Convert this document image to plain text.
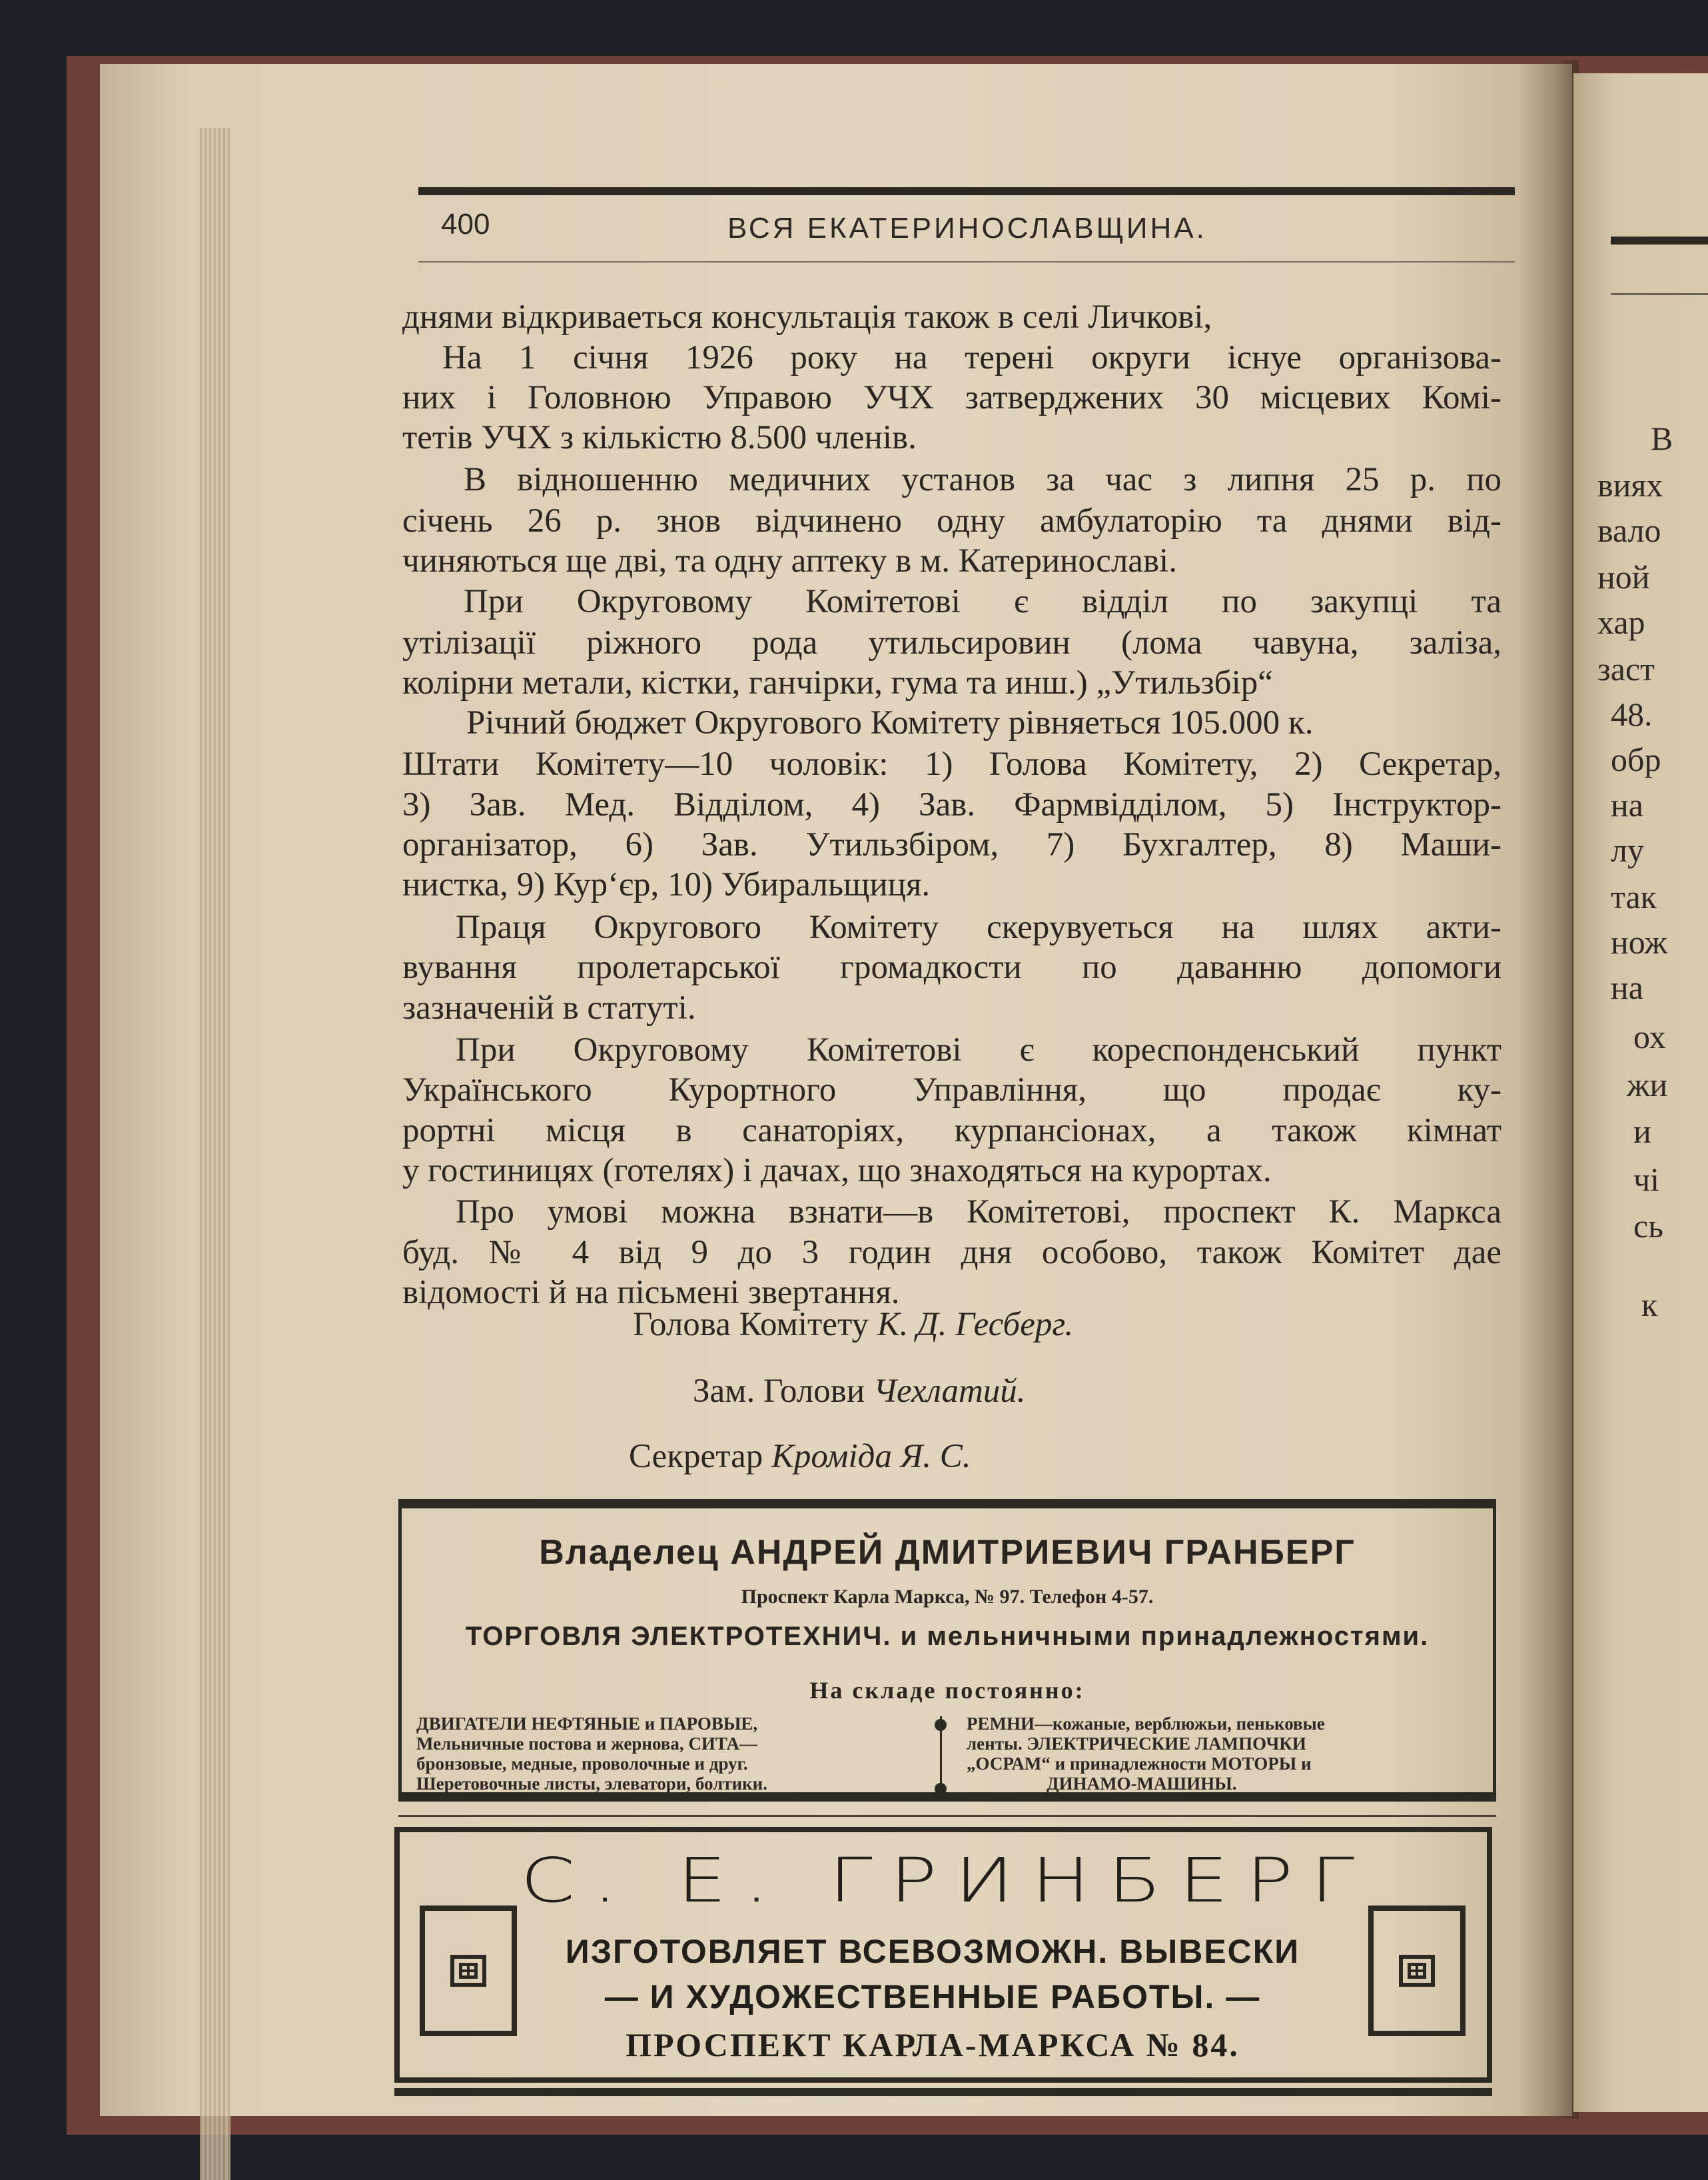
В
виях
вало
ной
хар
заст
48.
обр
на
лу
так
нож
на
ох
жи
и
чі
сь
к
400	ВСЯ ЕКАТЕРИНОСЛАВЩИНА.
днями відкриваеться консультація також в селі Личкові,
На 1 січня 1926 року на терені округи існуе організова-
них і Головною Управою УЧХ затверджених 30 місцевих Комі-
тетів УЧХ з кількістю 8.500 членів.
В відношенню медичних установ за час з липня 25 р. по
січень 26 р. знов відчинено одну амбулаторію та днями від-
чиняються ще дві, та одну аптеку в м. Катеринославі.
При Округовому Комітетові є відділ по закупці та
утілізації ріжного рода утильсировин (лома чавуна, заліза,
колірни метали, кістки, ганчірки, гума та инш.) „Утильзбір“
Річний бюджет Округового Комітету рівняеться 105.000 к.
Штати Комітету—10 чоловік: 1) Голова Комітету, 2) Секретар,
3) Зав. Мед. Відділом, 4) Зав. Фармвідділом, 5) Інструктор-
організатор, 6) Зав. Утильзбіром, 7) Бухгалтер, 8) Маши-
нистка, 9) Кур‘єр, 10) Убиральщиця.
Праця Округового Комітету скерувуеться на шлях акти-
вування пролетарської громадкости по даванню допомоги
зазначеній в статуті.
При Округовому Комітетові є кореспонденський пункт
Українського Курортного Управління, що продає ку-
рортні місця в санаторіях, курпансіонах, а також кімнат
у гостиницях (готелях) і дачах, що знаходяться на курортах.
Про умові можна взнати—в Комітетові, проспект К. Маркса
буд. № 4 від 9 до 3 годин дня особово, також Комітет дае
відомості й на пісьмені звертання.
Голова Комітету К. Д. Гесберг.
Зам. Голови Чехлатий.
Секретар Кроміда Я. С.
Владелец АНДРЕЙ ДМИТРИЕВИЧ ГРАНБЕРГ
Проспект Карла Маркса, № 97. Телефон 4-57.
ТОРГОВЛЯ ЭЛЕКТРОТЕХНИЧ. и мельничными принадлежностями.
На складе постоянно:
ДВИГАТЕЛИ НЕФТЯНЫЕ и ПАРОВЫЕ,
Мельничные постова и жернова, СИТА—
бронзовые, медные, проволочные и друг.
Шеретовочные листы, элеватори, болтики.
РЕМНИ—кожаные, верблюжьи, пеньковые
ленты. ЭЛЕКТРИЧЕСКИЕ ЛАМПОЧКИ
„ОСРАМ“ и принадлежности МОТОРЫ и
ДИНАМО-МАШИНЫ.
С. Е. ГРИНБЕРГ
ИЗГОТОВЛЯЕТ ВСЕВОЗМОЖН. ВЫВЕСКИ
— И ХУДОЖЕСТВЕННЫЕ РАБОТЫ. —
ПРОСПЕКТ КАРЛА-МАРКСА № 84.
